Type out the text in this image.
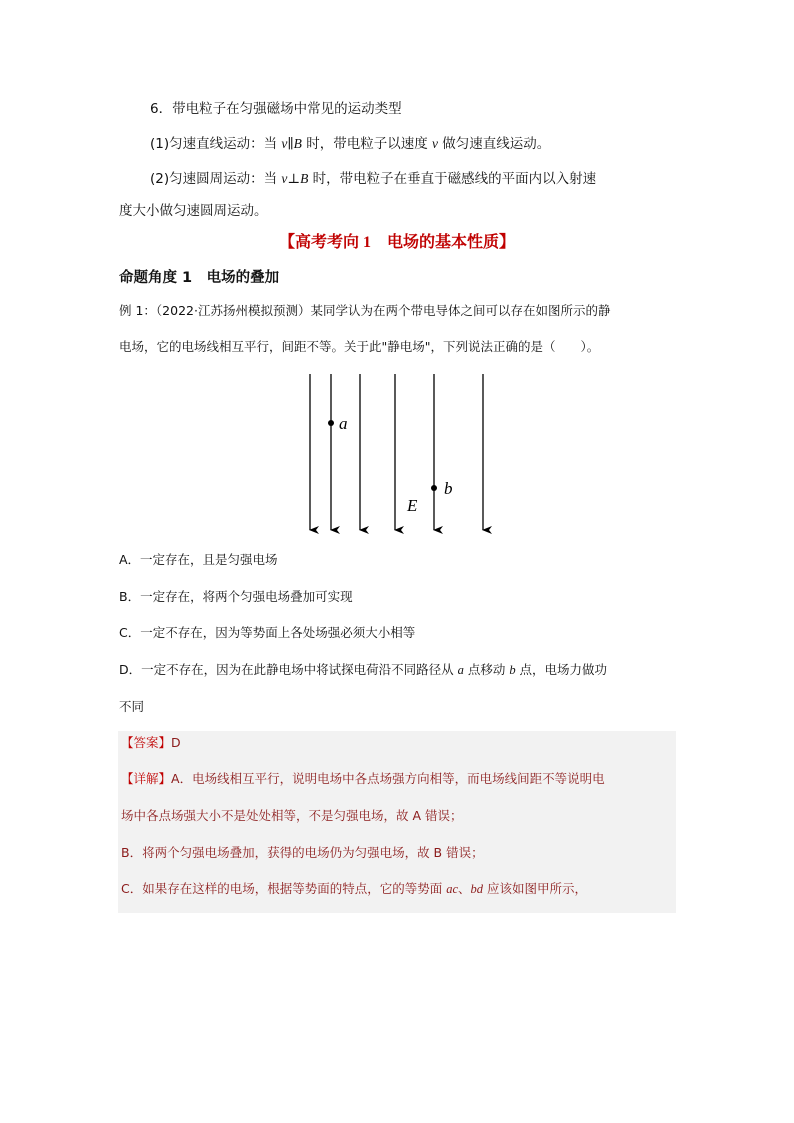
6．带电粒子在匀强磁场中常见的运动类型
(1)匀速直线运动：当 v∥B 时，带电粒子以速度 v 做匀速直线运动。
(2)匀速圆周运动：当 v⊥B 时，带电粒子在垂直于磁感线的平面内以入射速
度大小做匀速圆周运动。
【高考考向 1　电场的基本性质】
命题角度 1　电场的叠加
例 1：（2022·江苏扬州模拟预测）某同学认为在两个带电导体之间可以存在如图所示的静
电场，它的电场线相互平行，间距不等。关于此"静电场"，下列说法正确的是（　　）。
a
b
E
A．一定存在，且是匀强电场
B．一定存在，将两个匀强电场叠加可实现
C．一定不存在，因为等势面上各处场强必须大小相等
D．一定不存在，因为在此静电场中将试探电荷沿不同路径从 a 点移动 b 点，电场力做功
不同
【答案】D
【详解】A．电场线相互平行，说明电场中各点场强方向相等，而电场线间距不等说明电
场中各点场强大小不是处处相等，不是匀强电场，故 A 错误；
B．将两个匀强电场叠加，获得的电场仍为匀强电场，故 B 错误；
C．如果存在这样的电场，根据等势面的特点，它的等势面 ac、bd 应该如图甲所示，
